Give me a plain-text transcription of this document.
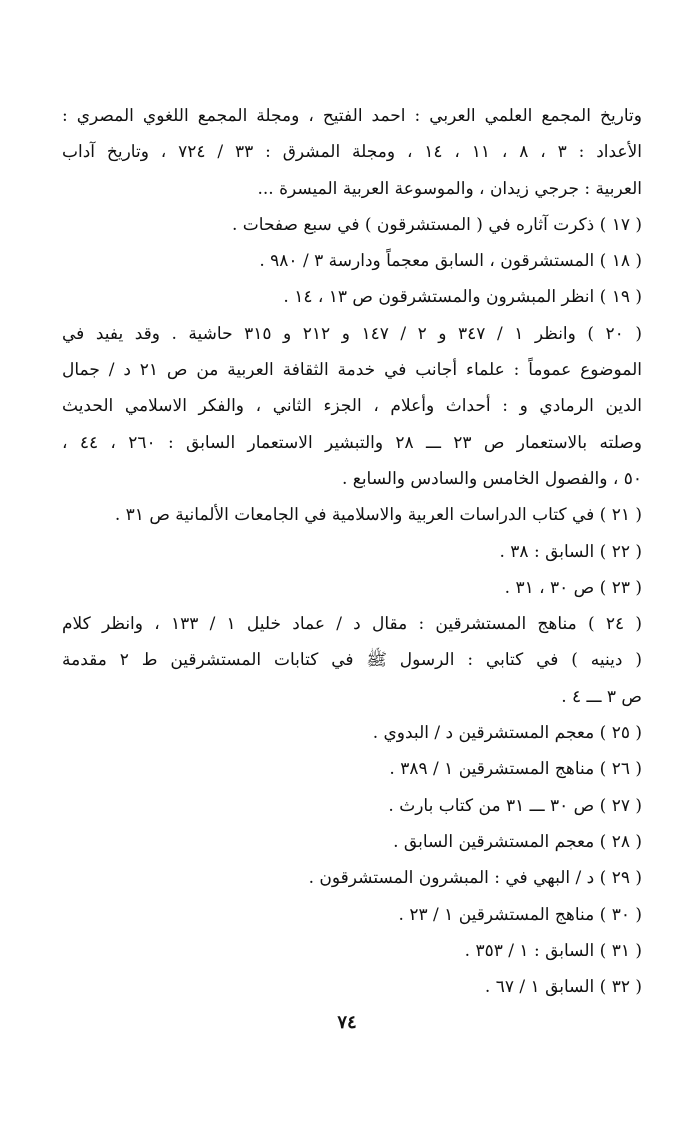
وتاريخ المجمع العلمي العربي : احمد الفتيح ، ومجلة المجمع اللغوي المصري :
الأعداد : ٣ ، ٨ ، ١١ ، ١٤ ، ومجلة المشرق : ٣٣ / ٧٢٤ ، وتاريخ آداب
العربية : جرجي زيدان ، والموسوعة العربية الميسرة ...
( ١٧ ) ذكرت آثاره في ( المستشرقون ) في سبع صفحات .
( ١٨ ) المستشرقون ، السابق معجماً ودارسة ٣ / ٩٨٠ .
( ١٩ ) انظر المبشرون والمستشرقون ص ١٣ ، ١٤ .
( ٢٠ ) وانظر ١ / ٣٤٧ و ٢ / ١٤٧ و ٢١٢ و ٣١٥ حاشية . وقد يفيد في
الموضوع عموماً : علماء أجانب في خدمة الثقافة العربية من ص ٢١ د / جمال
الدين الرمادي و : أحداث وأعلام ، الجزء الثاني ، والفكر الاسلامي الحديث
وصلته بالاستعمار ص ٢٣ ـــ ٢٨ والتبشير الاستعمار السابق : ٢٦٠ ، ٤٤ ،
٥٠ ، والفصول الخامس والسادس والسابع .
( ٢١ ) في كتاب الدراسات العربية والاسلامية في الجامعات الألمانية ص ٣١ .
( ٢٢ ) السابق : ٣٨ .
( ٢٣ ) ص ٣٠ ، ٣١ .
( ٢٤ ) مناهج المستشرقين : مقال د / عماد خليل ١ / ١٣٣ ، وانظر كلام
( دينيه ) في كتابي : الرسول ﷺ في كتابات المستشرقين ط ٢ مقدمة
ص ٣ ـــ ٤ .
( ٢٥ ) معجم المستشرقين د / البدوي .
( ٢٦ ) مناهج المستشرقين ١ / ٣٨٩ .
( ٢٧ ) ص ٣٠ ـــ ٣١ من كتاب بارث .
( ٢٨ ) معجم المستشرقين السابق .
( ٢٩ ) د / البهي في : المبشرون المستشرقون .
( ٣٠ ) مناهج المستشرقين ١ / ٢٣ .
( ٣١ ) السابق : ١ / ٣٥٣ .
( ٣٢ ) السابق ١ / ٦٧ .
٧٤
